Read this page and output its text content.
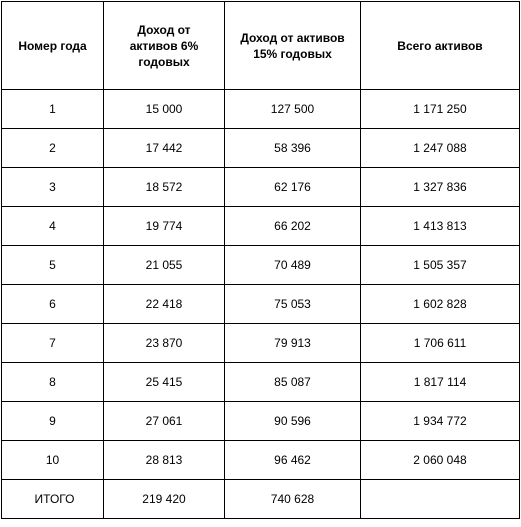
Номер года	Доход от активов 6% годовых	Доход от активов 15% годовых	Всего активов
1	15 000	127 500	1 171 250
2	17 442	58 396	1 247 088
3	18 572	62 176	1 327 836
4	19 774	66 202	1 413 813
5	21 055	70 489	1 505 357
6	22 418	75 053	1 602 828
7	23 870	79 913	1 706 611
8	25 415	85 087	1 817 114
9	27 061	90 596	1 934 772
10	28 813	96 462	2 060 048
ИТОГО	219 420	740 628	
